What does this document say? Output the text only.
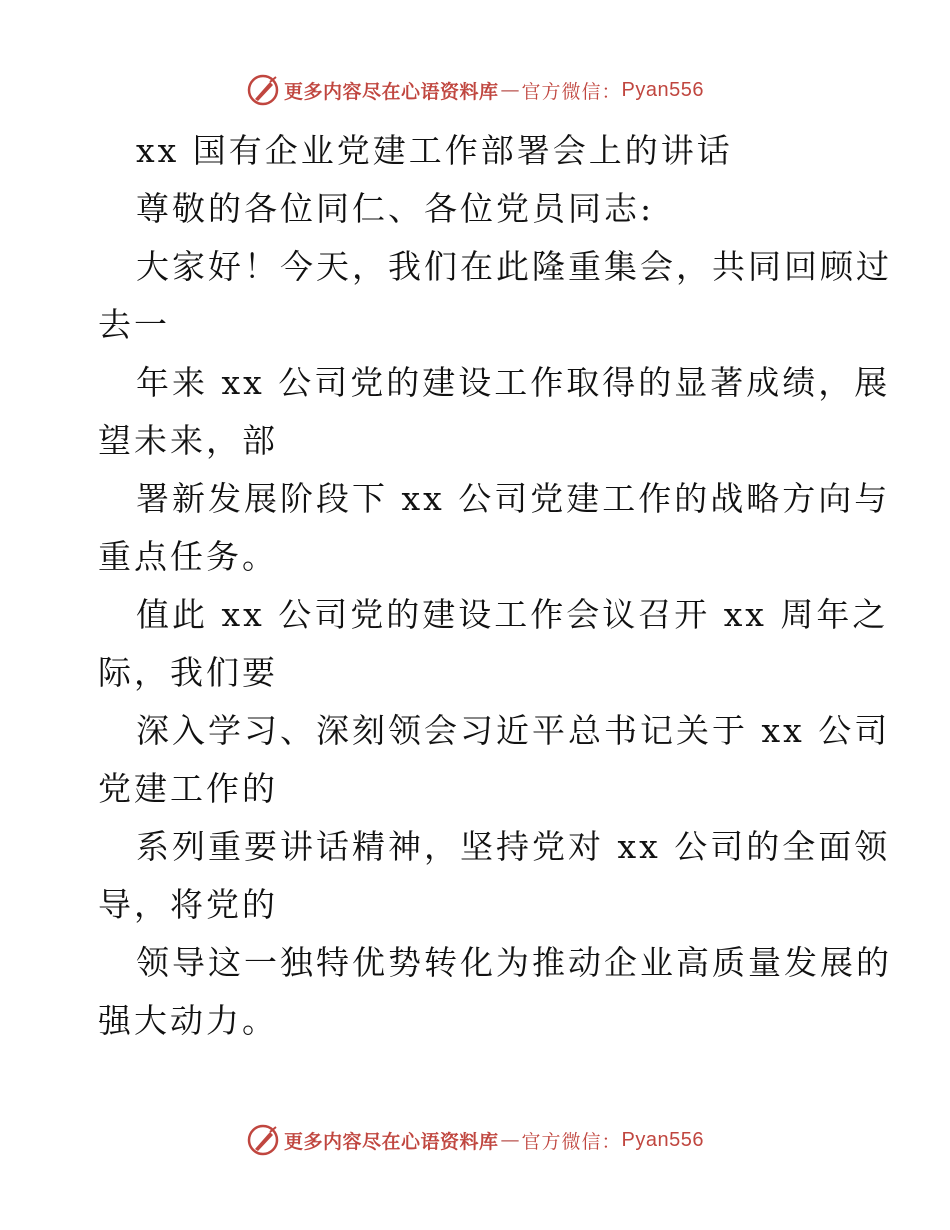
更多内容尽在心语资料库 — 官方微信： Pyan556
xx 国有企业党建工作部署会上的讲话
尊敬的各位同仁、各位党员同志:
大家好！今天，我们在此隆重集会，共同回顾过
去一
年来 xx 公司党的建设工作取得的显著成绩，展
望未来，部
署新发展阶段下 xx 公司党建工作的战略方向与
重点任务。
值此 xx 公司党的建设工作会议召开 xx 周年之
际，我们要
深入学习、深刻领会习近平总书记关于 xx 公司
党建工作的
系列重要讲话精神，坚持党对 xx 公司的全面领
导，将党的
领导这一独特优势转化为推动企业高质量发展的
强大动力。
更多内容尽在心语资料库 — 官方微信： Pyan556
